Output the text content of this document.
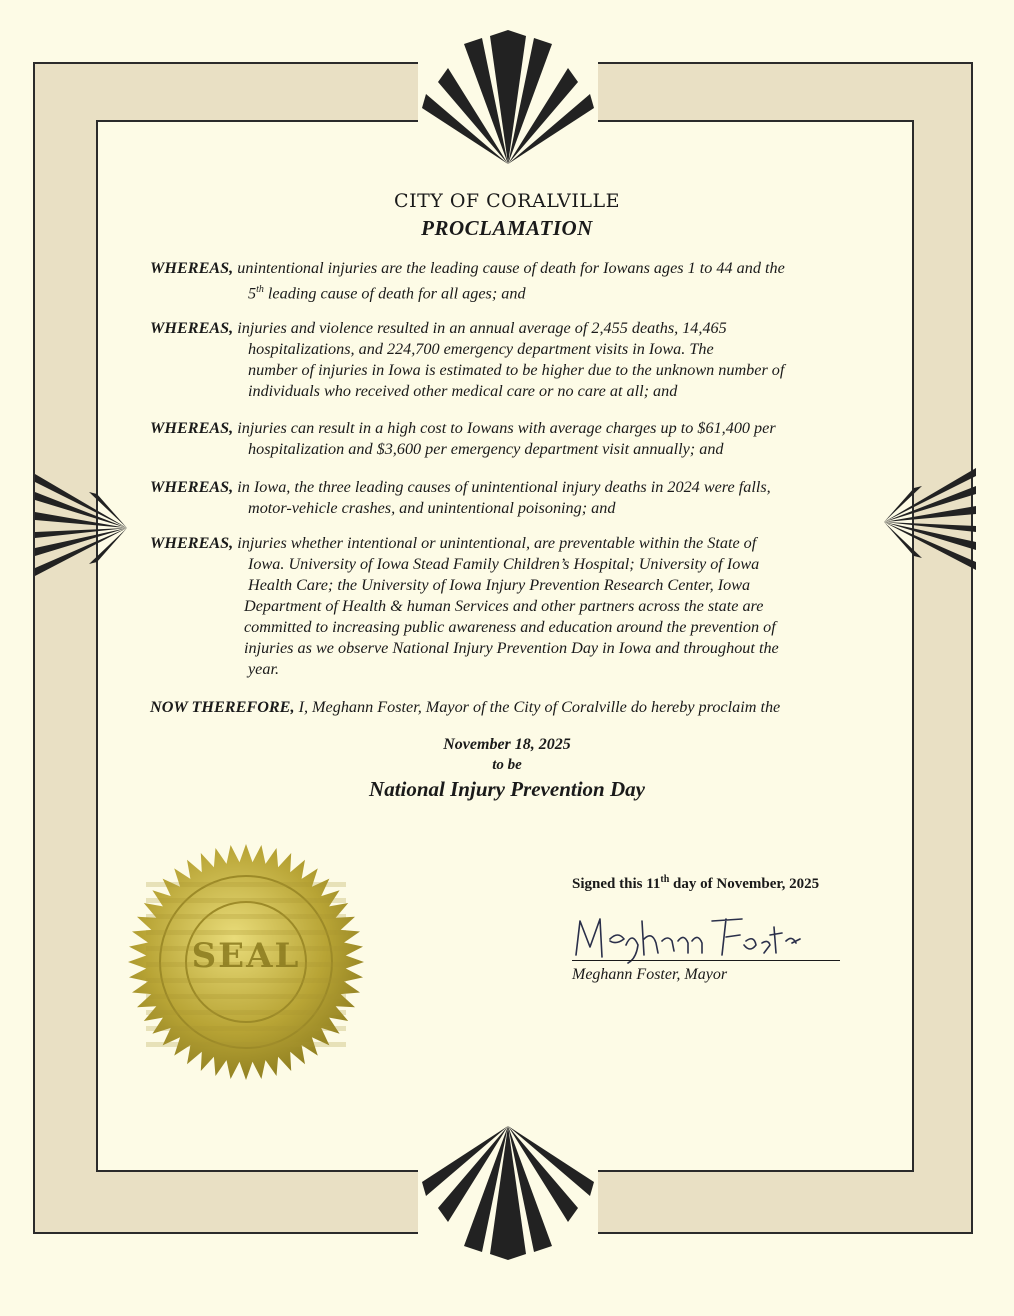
CITY OF CORALVILLE
PROCLAMATION
WHEREAS, unintentional injuries are the leading cause of death for Iowans ages 1 to 44 and the
5th leading cause of death for all ages; and
WHEREAS, injuries and violence resulted in an annual average of 2,455 deaths, 14,465
hospitalizations, and 224,700 emergency department visits in Iowa. The
number of injuries in Iowa is estimated to be higher due to the unknown number of
individuals who received other medical care or no care at all; and
WHEREAS, injuries can result in a high cost to Iowans with average charges up to $61,400 per
hospitalization and $3,600 per emergency department visit annually; and
WHEREAS, in Iowa, the three leading causes of unintentional injury deaths in 2024 were falls,
motor-vehicle crashes, and unintentional poisoning; and
WHEREAS, injuries whether intentional or unintentional, are preventable within the State of
Iowa. University of Iowa Stead Family Children’s Hospital; University of Iowa
Health Care; the University of Iowa Injury Prevention Research Center, Iowa
Department of Health & human Services and other partners across the state are
committed to increasing public awareness and education around the prevention of
injuries as we observe National Injury Prevention Day in Iowa and throughout the
year.
NOW THEREFORE, I, Meghann Foster, Mayor of the City of Coralville do hereby proclaim the
November 18, 2025
to be
National Injury Prevention Day
SEAL
Signed this 11th day of November, 2025
Meghann Foster, Mayor
